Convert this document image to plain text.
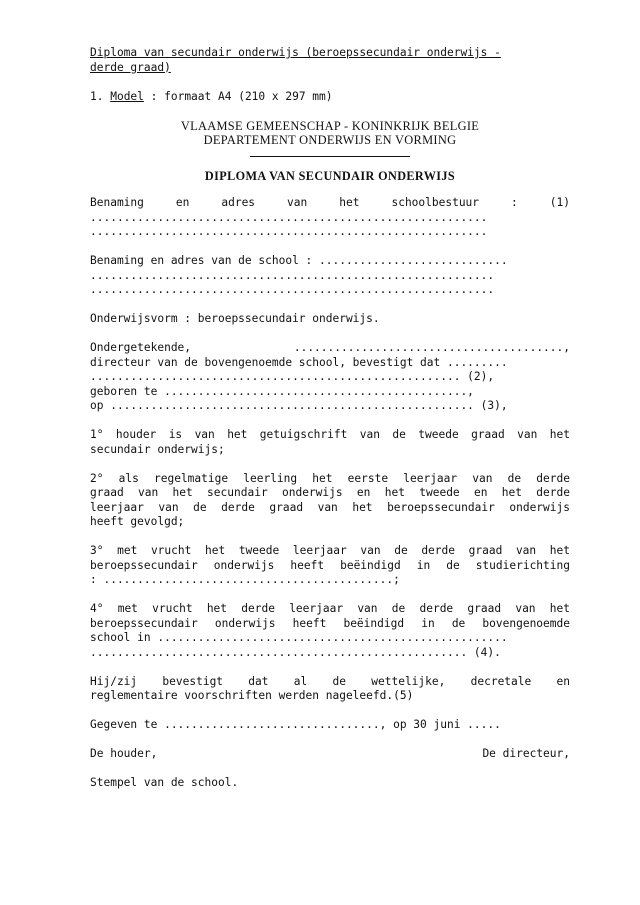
Diploma van secundair onderwijs (beroepssecundair onderwijs -
derde graad)
1. Model : formaat A4 (210 x 297 mm)
VLAAMSE GEMEENSCHAP - KONINKRIJK BELGIE
DEPARTEMENT ONDERWIJS EN VORMING
DIPLOMA VAN SECUNDAIR ONDERWIJS
Benaming en adres van het schoolbestuur : (1)
...........................................................
...........................................................
Benaming en adres van de school : ............................
............................................................
............................................................
Onderwijsvorm : beroepssecundair onderwijs.
Ondergetekende, ........................................,
directeur van de bovengenoemde school, bevestigt dat .........
....................................................... (2),
geboren te .............................................,
op ...................................................... (3),
1° houder is van het getuigschrift van de tweede graad van het
secundair onderwijs;
2° als regelmatige leerling het eerste leerjaar van de derde
graad van het secundair onderwijs en het tweede en het derde
leerjaar van de derde graad van het beroepssecundair onderwijs
heeft gevolgd;
3° met vrucht het tweede leerjaar van de derde graad van het
beroepssecundair onderwijs heeft beëindigd in de studierichting
: ...........................................;
4° met vrucht het derde leerjaar van de derde graad van het
beroepssecundair onderwijs heeft beëindigd in de bovengenoemde
school in ....................................................
........................................................ (4).
Hij/zij bevestigt dat al de wettelijke, decretale en
reglementaire voorschriften werden nageleefd.(5)
Gegeven te ................................, op 30 juni .....
De houder,	De directeur,
Stempel van de school.
